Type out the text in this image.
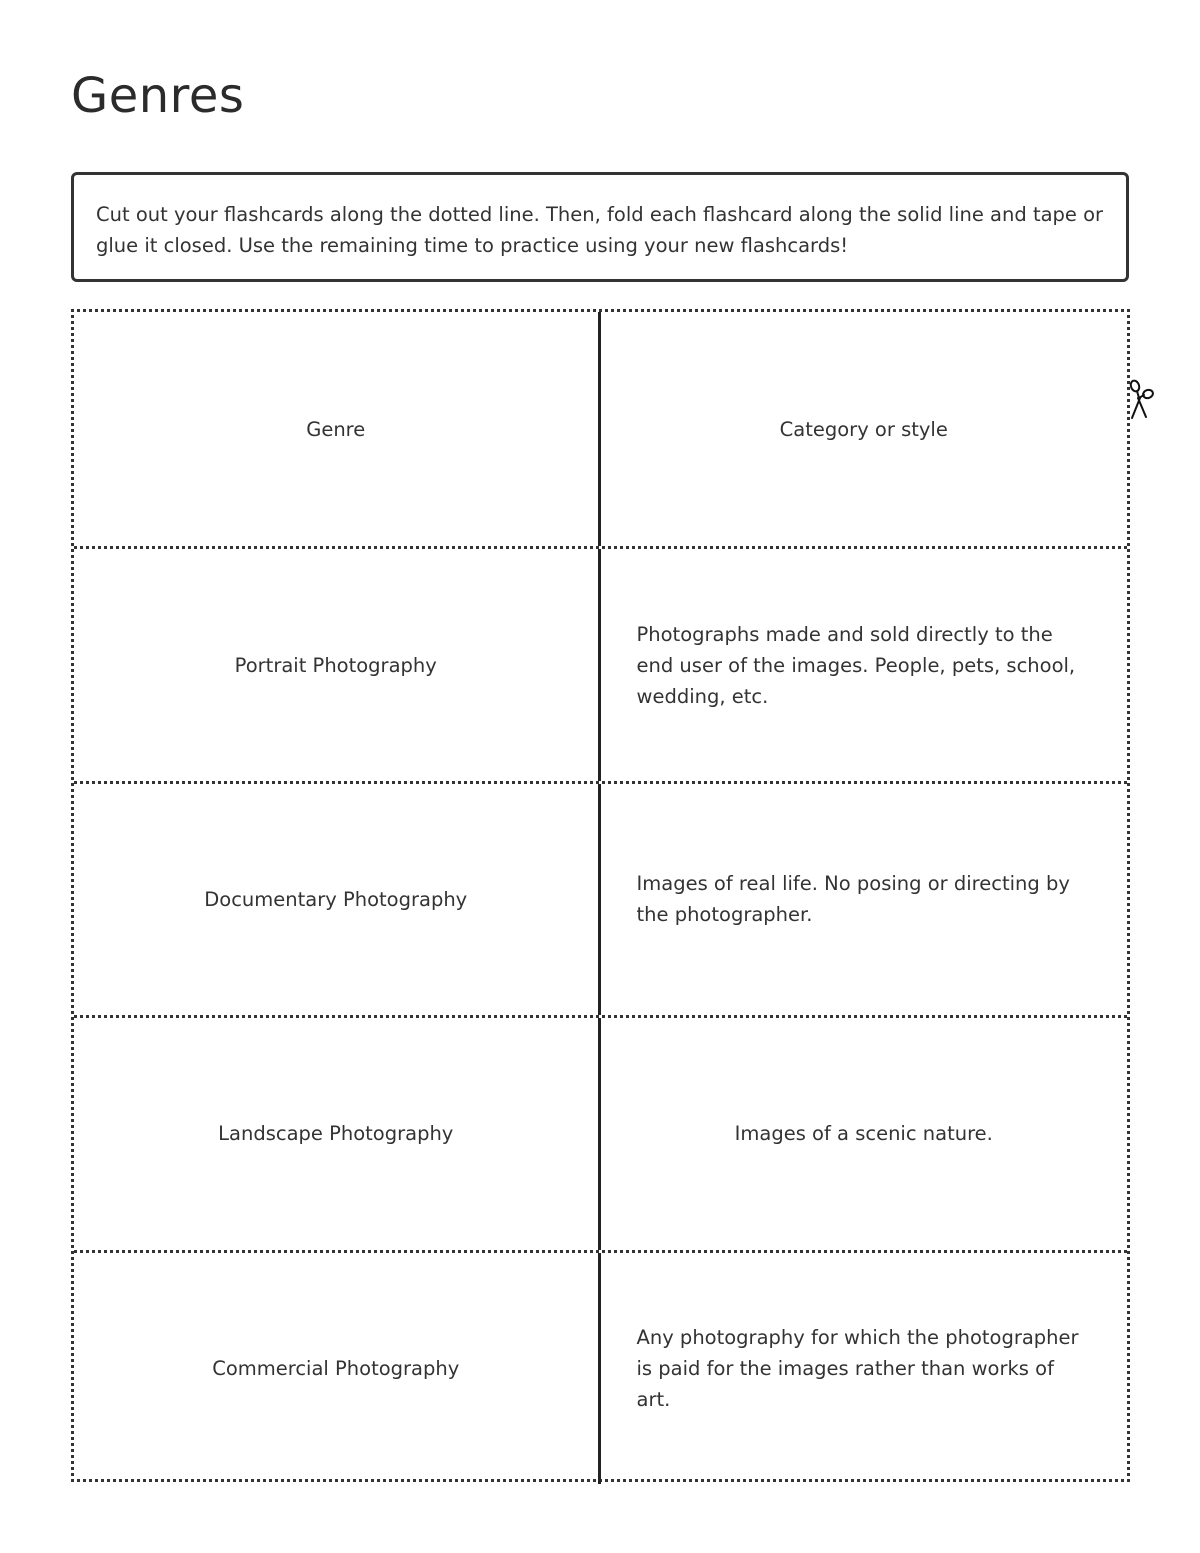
Genres
Cut out your flashcards along the dotted line. Then, fold each flashcard along the solid line and tape or glue it closed. Use the remaining time to practice using your new flashcards!
Genre	Category or style
Portrait Photography
Photographs made and sold directly to the end user of the images. People, pets, school, wedding, etc.
Documentary Photography
Images of real life. No posing or directing by the photographer.
Landscape Photography	Images of a scenic nature.
Commercial Photography
Any photography for which the photographer is paid for the images rather than works of art.
